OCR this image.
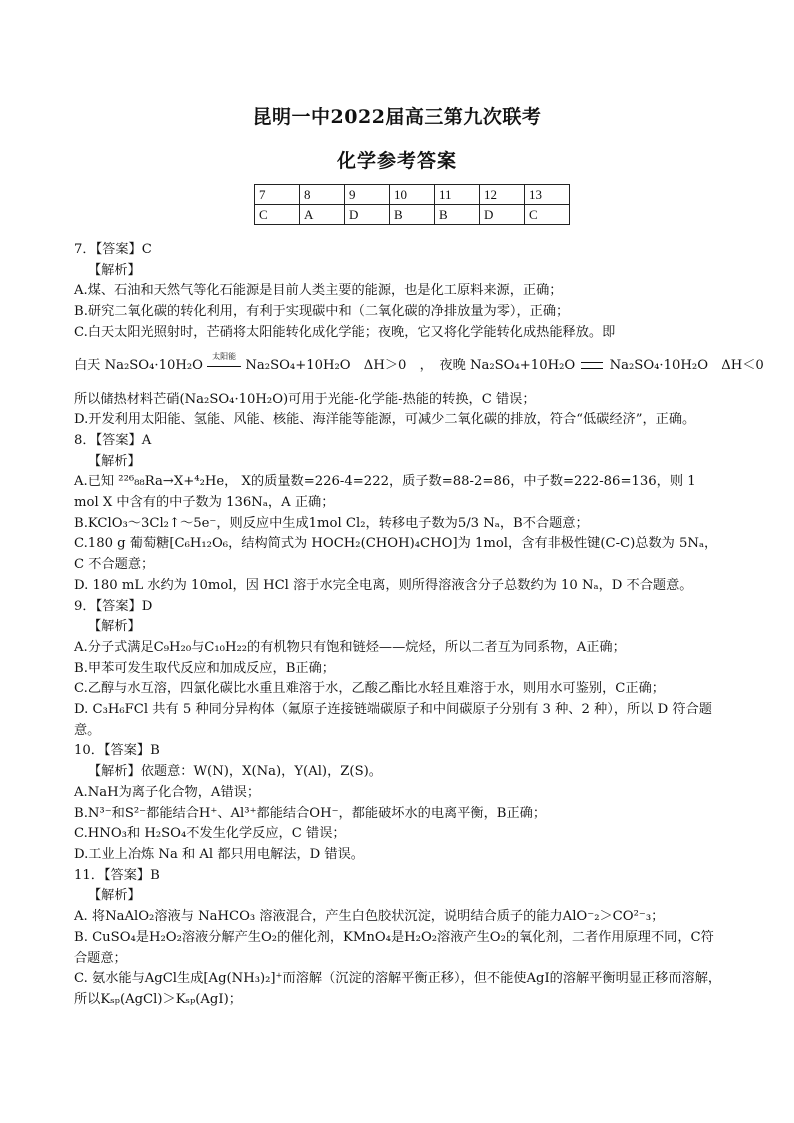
昆明一中2022届高三第九次联考
化学参考答案
7	8	9	10	11	12	13
C	A	D	B	B	D	C

7．【答案】C

【解析】

A.煤、石油和天然气等化石能源是目前人类主要的能源，也是化工原料来源，正确；

B.研究二氧化碳的转化利用，有利于实现碳中和（二氧化碳的净排放量为零），正确；

C.白天太阳光照射时，芒硝将太阳能转化成化学能；夜晚，它又将化学能转化成热能释放。即

白天 Na₂SO₄·10H₂O
太阳能
Na₂SO₄+10H₂O　ΔH＞0　，　夜晚 Na₂SO₄+10H₂O	Na₂SO₄·10H₂O　ΔH＜0

所以储热材料芒硝(Na₂SO₄·10H₂O)可用于光能-化学能-热能的转换，C 错误；

D.开发利用太阳能、氢能、风能、核能、海洋能等能源，可减少二氧化碳的排放，符合“低碳经济”，正确。

8．【答案】A

【解析】

A.已知 ²²⁶₈₈Ra→X+⁴₂He， X的质量数=226-4=222，质子数=88-2=86，中子数=222-86=136，则 1 mol X 中含有的中子数为 136Nₐ，A 正确；

B.KClO₃～3Cl₂↑～5e⁻，则反应中生成1mol Cl₂，转移电子数为5/3 Nₐ，B不合题意；

C.180 g 葡萄糖[C₆H₁₂O₆，结构简式为 HOCH₂(CHOH)₄CHO]为 1mol，含有非极性键(C-C)总数为 5Nₐ，C 不合题意；

D. 180 mL 水约为 10mol，因 HCl 溶于水完全电离，则所得溶液含分子总数约为 10 Nₐ，D 不合题意。

9．【答案】D

【解析】

A.分子式满足C₉H₂₀与C₁₀H₂₂的有机物只有饱和链烃——烷烃，所以二者互为同系物，A正确；

B.甲苯可发生取代反应和加成反应，B正确；

C.乙醇与水互溶，四氯化碳比水重且难溶于水，乙酸乙酯比水轻且难溶于水，则用水可鉴别，C正确；

D. C₃H₆FCl 共有 5 种同分异构体（氟原子连接链端碳原子和中间碳原子分别有 3 种、2 种），所以 D 符合题意。

10．【答案】B

【解析】依题意：W(N)，X(Na)，Y(Al)，Z(S)。

A.NaH为离子化合物，A错误；

B.N³⁻和S²⁻都能结合H⁺、Al³⁺都能结合OH⁻，都能破坏水的电离平衡，B正确；

C.HNO₃和 H₂SO₄不发生化学反应，C 错误；

D.工业上冶炼 Na 和 Al 都只用电解法，D 错误。

11．【答案】B

【解析】

A. 将NaAlO₂溶液与 NaHCO₃ 溶液混合，产生白色胶状沉淀，说明结合质子的能力AlO⁻₂＞CO²⁻₃；

B. CuSO₄是H₂O₂溶液分解产生O₂的催化剂，KMnO₄是H₂O₂溶液产生O₂的氧化剂，二者作用原理不同，C符合题意；

C. 氨水能与AgCl生成[Ag(NH₃)₂]⁺而溶解（沉淀的溶解平衡正移），但不能使AgI的溶解平衡明显正移而溶解，所以Kₛₚ(AgCl)＞Kₛₚ(AgI)；
